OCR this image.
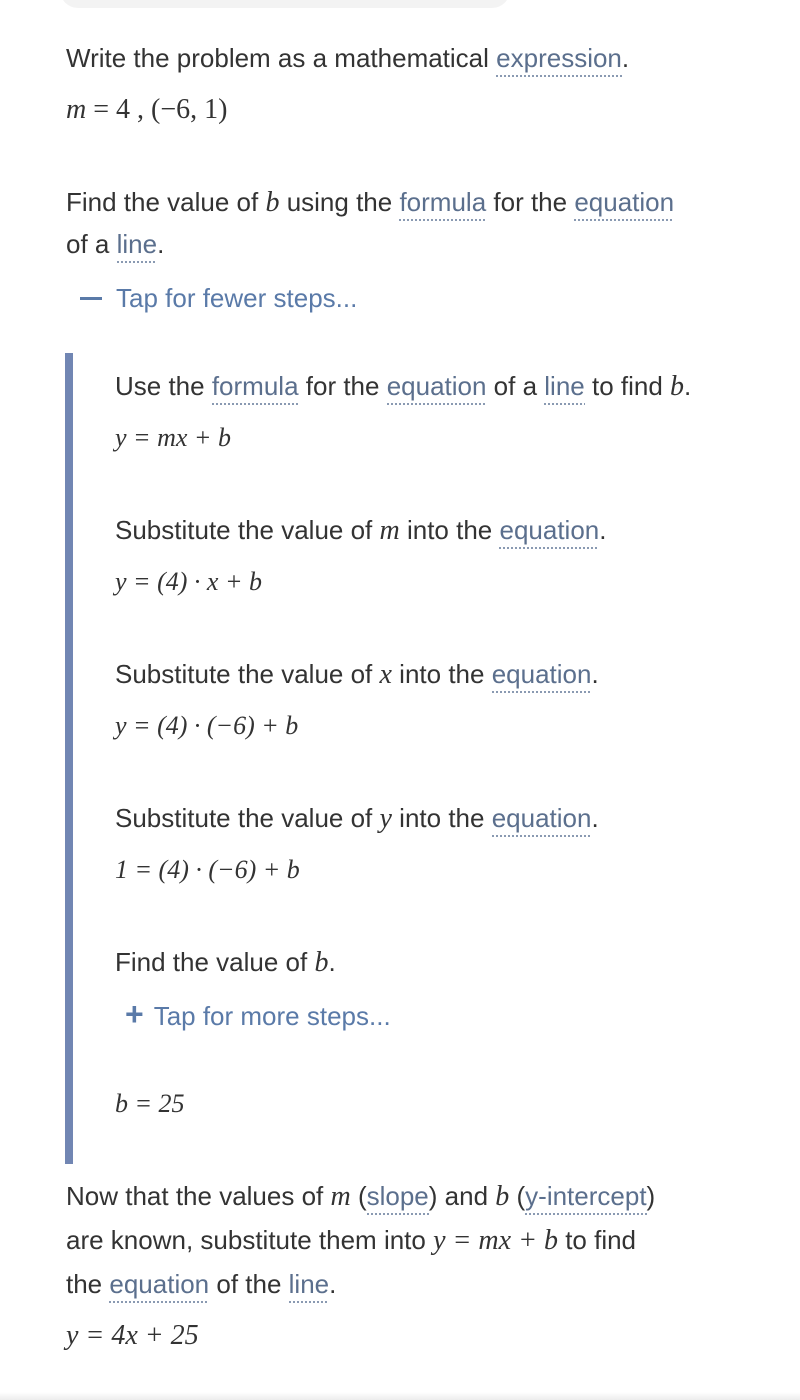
Write the problem as a mathematical expression.
m = 4 , (−6, 1)
Find the value of b using the formula for the equation
of a line.
Tap for fewer steps...
Use the formula for the equation of a line to find b.
y = mx + b
Substitute the value of m into the equation.
y = (4) · x + b
Substitute the value of x into the equation.
y = (4) · (−6) + b
Substitute the value of y into the equation.
1 = (4) · (−6) + b
Find the value of b.
+ Tap for more steps...
b = 25
Now that the values of m (slope) and b (y-intercept)
are known, substitute them into y = mx + b to find
the equation of the line.
y = 4x + 25
